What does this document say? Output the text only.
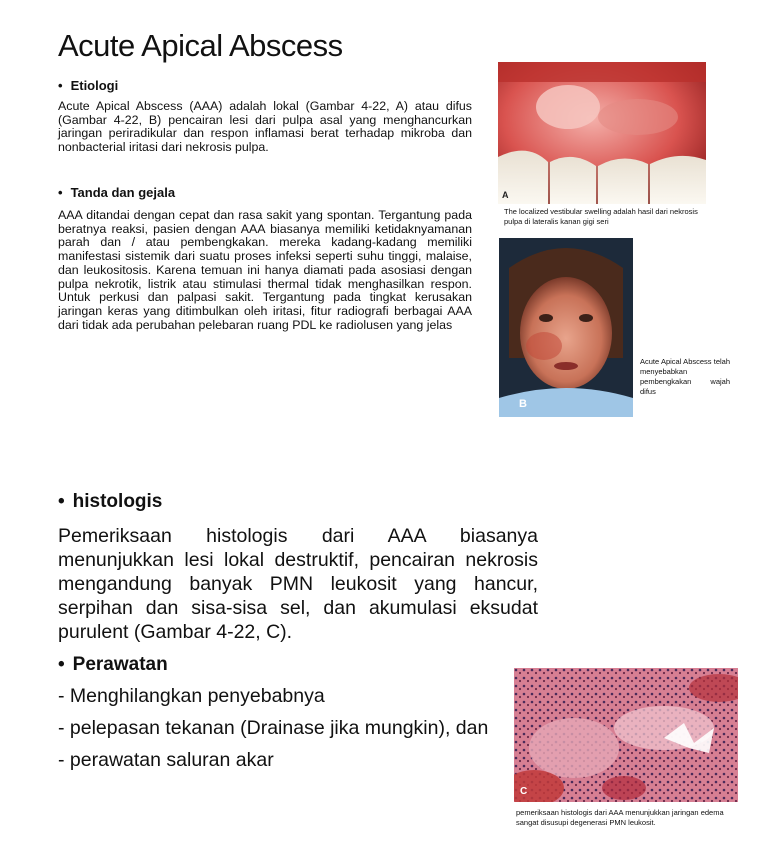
Acute Apical Abscess
• Etiologi
Acute Apical Abscess (AAA) adalah lokal (Gambar 4-22, A) atau difus (Gambar 4-22, B) pencairan lesi dari pulpa asal yang menghancurkan jaringan periradikular dan respon inflamasi berat terhadap mikroba dan nonbacterial iritasi dari nekrosis pulpa.
• Tanda dan gejala
AAA ditandai dengan cepat dan rasa sakit yang spontan. Tergantung pada beratnya reaksi, pasien dengan AAA biasanya memiliki ketidaknyamanan parah dan / atau pembengkakan. mereka kadang-kadang memiliki manifestasi sistemik dari suatu proses infeksi seperti suhu tinggi, malaise, dan leukositosis. Karena temuan ini hanya diamati pada asosiasi dengan pulpa nekrotik, listrik atau stimulasi thermal tidak menghasilkan respon. Untuk perkusi dan palpasi sakit. Tergantung pada tingkat kerusakan jaringan keras yang ditimbulkan oleh iritasi, fitur radiografi berbagai AAA dari tidak ada perubahan pelebaran ruang PDL ke radiolusen yang jelas
• histologis
Pemeriksaan histologis dari AAA biasanya menunjukkan lesi lokal destruktif, pencairan nekrosis mengandung banyak PMN leukosit yang hancur, serpihan dan sisa-sisa sel, dan akumulasi eksudat purulent (Gambar 4-22, C).
• Perawatan
- Menghilangkan penyebabnya
- pelepasan tekanan (Drainase jika mungkin), dan
- perawatan saluran akar
A
The localized vestibular swelling adalah hasil dari nekrosis pulpa di lateralis kanan gigi seri
B
Acute Apical Abscess telah menyebabkan pembengkakan wajah difus
C
pemeriksaan histologis dari AAA menunjukkan jaringan edema sangat disusupi degenerasi PMN leukosit.
